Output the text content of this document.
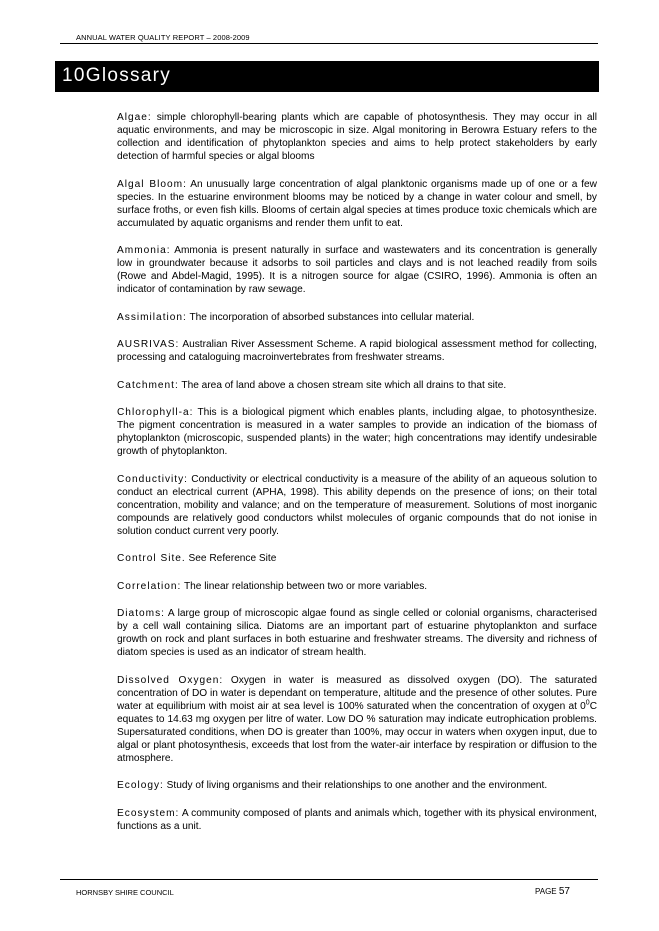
ANNUAL WATER QUALITY REPORT – 2008-2009
10Glossary

Algae: simple chlorophyll-bearing plants which are capable of photosynthesis. They may occur in all aquatic environments, and may be microscopic in size. Algal monitoring in Berowra Estuary refers to the collection and identification of phytoplankton species and aims to help protect stakeholders by early detection of harmful species or algal blooms

Algal Bloom: An unusually large concentration of algal planktonic organisms made up of one or a few species. In the estuarine environment blooms may be noticed by a change in water colour and smell, by surface froths, or even fish kills. Blooms of certain algal species at times produce toxic chemicals which are accumulated by aquatic organisms and render them unfit to eat.

Ammonia: Ammonia is present naturally in surface and wastewaters and its concentration is generally low in groundwater because it adsorbs to soil particles and clays and is not leached readily from soils (Rowe and Abdel-Magid, 1995). It is a nitrogen source for algae (CSIRO, 1996). Ammonia is often an indicator of contamination by raw sewage.

Assimilation: The incorporation of absorbed substances into cellular material.

AUSRIVAS: Australian River Assessment Scheme. A rapid biological assessment method for collecting, processing and cataloguing macroinvertebrates from freshwater streams.

Catchment: The area of land above a chosen stream site which all drains to that site.

Chlorophyll-a: This is a biological pigment which enables plants, including algae, to photosynthesize. The pigment concentration is measured in a water samples to provide an indication of the biomass of phytoplankton (microscopic, suspended plants) in the water; high concentrations may identify undesirable growth of phytoplankton.

Conductivity: Conductivity or electrical conductivity is a measure of the ability of an aqueous solution to conduct an electrical current (APHA, 1998). This ability depends on the presence of ions; on their total concentration, mobility and valance; and on the temperature of measurement. Solutions of most inorganic compounds are relatively good conductors whilst molecules of organic compounds that do not ionise in solution conduct current very poorly.

Control Site. See Reference Site

Correlation: The linear relationship between two or more variables.

Diatoms: A large group of microscopic algae found as single celled or colonial organisms, characterised by a cell wall containing silica. Diatoms are an important part of estuarine phytoplankton and surface growth on rock and plant surfaces in both estuarine and freshwater streams. The diversity and richness of diatom species is used as an indicator of stream health.

Dissolved Oxygen: Oxygen in water is measured as dissolved oxygen (DO). The saturated concentration of DO in water is dependant on temperature, altitude and the presence of other solutes. Pure water at equilibrium with moist air at sea level is 100% saturated when the concentration of oxygen at $0^0C$ equates to 14.63 mg oxygen per litre of water. Low DO % saturation may indicate eutrophication problems. Supersaturated conditions, when DO is greater than 100%, may occur in waters when oxygen input, due to algal or plant photosynthesis, exceeds that lost from the water-air interface by respiration or diffusion to the atmosphere.

Ecology: Study of living organisms and their relationships to one another and the environment.

Ecosystem: A community composed of plants and animals which, together with its physical environment, functions as a unit.

HORNSBY SHIRE COUNCIL	PAGE 57
